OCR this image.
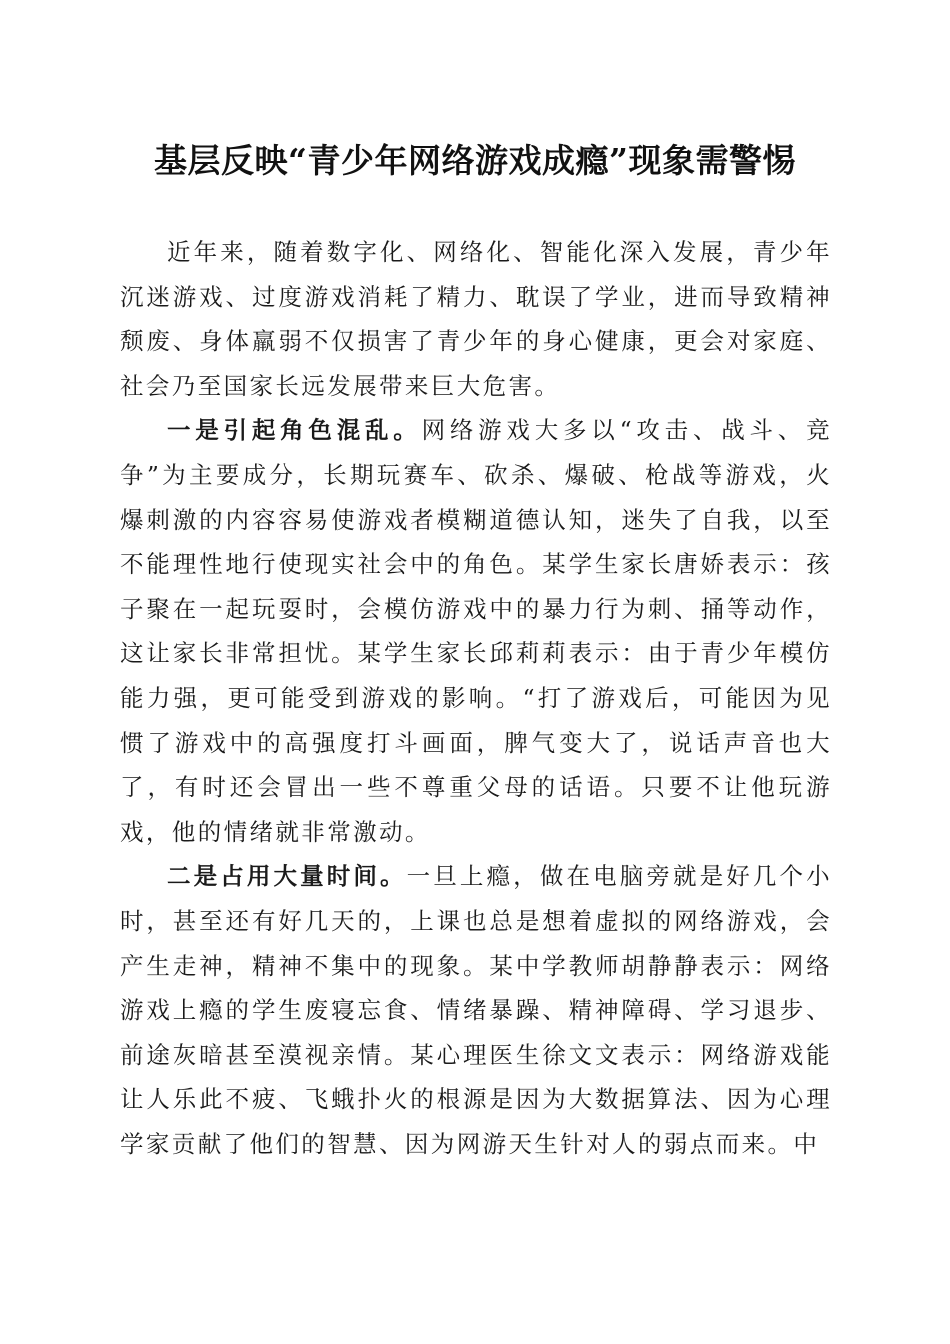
基层反映“青少年网络游戏成瘾”现象需警惕

近年来，随着数字化、网络化、智能化深入发展，青少年沉迷游戏、过度游戏消耗了精力、耽误了学业，进而导致精神颓废、身体羸弱不仅损害了青少年的身心健康，更会对家庭、社会乃至国家长远发展带来巨大危害。

一是引起角色混乱。网络游戏大多以“攻击、战斗、竞争”为主要成分，长期玩赛车、砍杀、爆破、枪战等游戏，火爆刺激的内容容易使游戏者模糊道德认知，迷失了自我，以至不能理性地行使现实社会中的角色。某学生家长唐娇表示：孩子聚在一起玩耍时，会模仿游戏中的暴力行为刺、捅等动作，这让家长非常担忧。某学生家长邱莉莉表示：由于青少年模仿能力强，更可能受到游戏的影响。“打了游戏后，可能因为见惯了游戏中的高强度打斗画面，脾气变大了，说话声音也大了，有时还会冒出一些不尊重父母的话语。只要不让他玩游戏，他的情绪就非常激动。

二是占用大量时间。一旦上瘾，做在电脑旁就是好几个小时，甚至还有好几天的，上课也总是想着虚拟的网络游戏，会产生走神，精神不集中的现象。某中学教师胡静静表示：网络游戏上瘾的学生废寝忘食、情绪暴躁、精神障碍、学习退步、前途灰暗甚至漠视亲情。某心理医生徐文文表示：网络游戏能让人乐此不疲、飞蛾扑火的根源是因为大数据算法、因为心理学家贡献了他们的智慧、因为网游天生针对人的弱点而来。中
